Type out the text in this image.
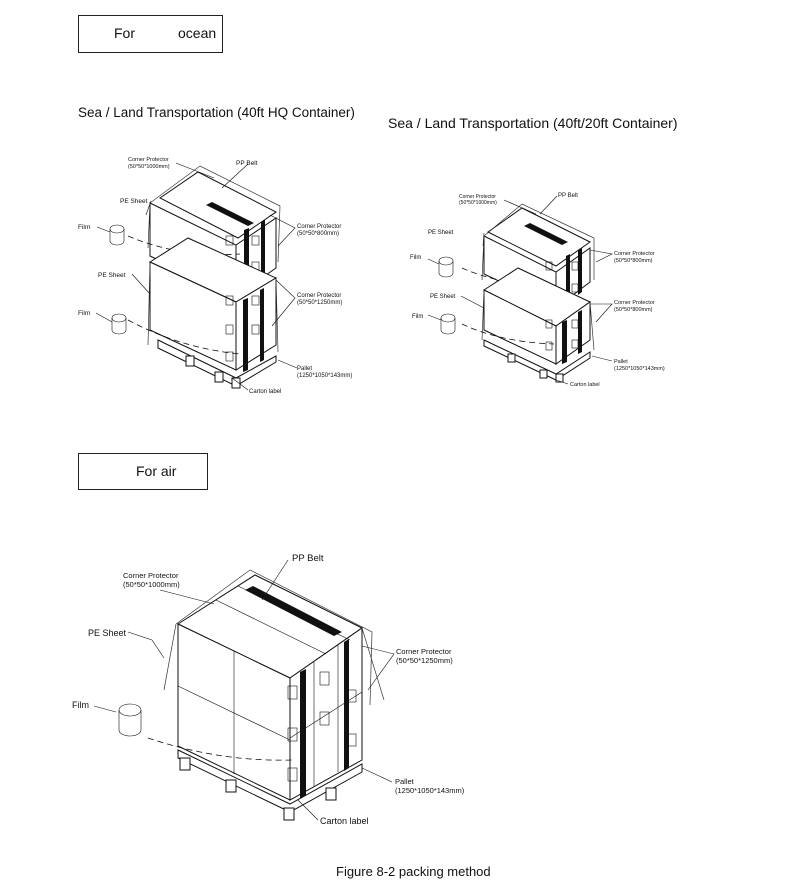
For	ocean
Sea / Land Transportation (40ft HQ Container)
Sea / Land Transportation (40ft/20ft Container)
For air
Figure 8-2 packing method
Corner Protector
(50*50*1000mm)	PP Belt
PE Sheet
Film	Corner Protector
(50*50*800mm)
PE Sheet
Corner Protector
(50*50*1250mm)
Film
Pallet
(1250*1050*143mm)
Carton label
Corner Protector
(50*50*1000mm)
PP Belt
PE Sheet
Film
Corner Protector
(50*50*800mm)
PE Sheet
Corner Protector
(50*50*800mm)
Film
Pallet
(1250*1050*143mm)
Carton label
PP Belt
Corner Protector
(50*50*1000mm)
PE Sheet
Corner Protector
(50*50*1250mm)
Film
Pallet
(1250*1050*143mm)
Carton label
